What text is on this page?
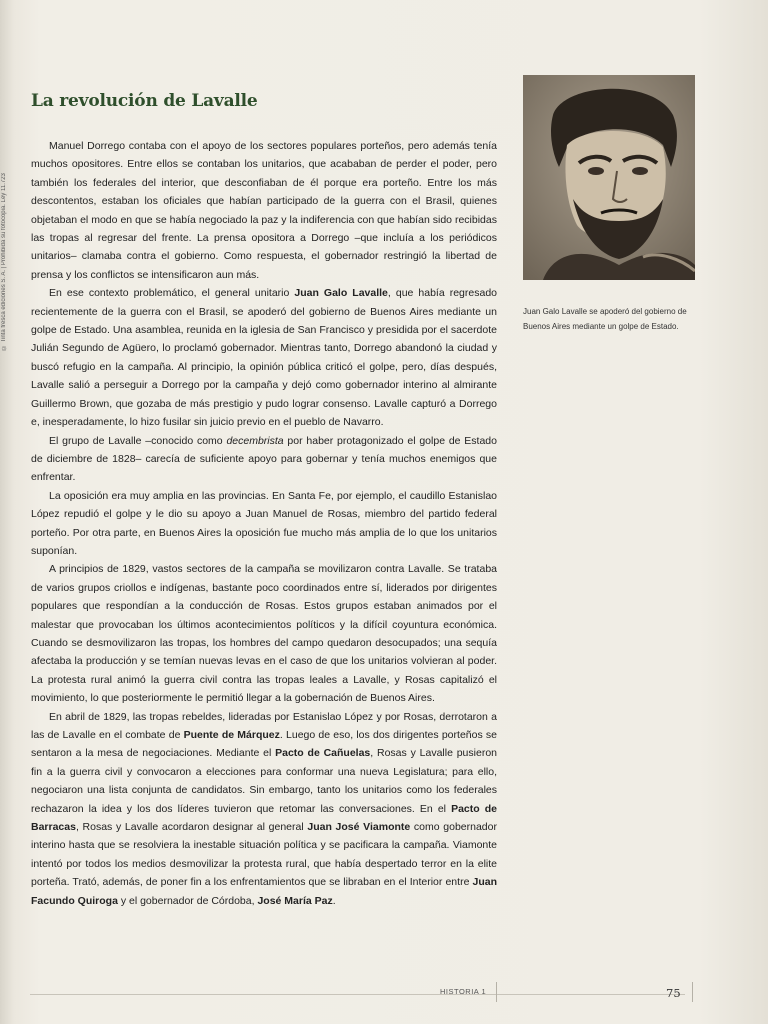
© Tinta fresca ediciones S. A. | Prohibida su fotocopia. Ley 11.723
La revolución de Lavalle

Manuel Dorrego contaba con el apoyo de los sectores populares porteños, pero además tenía muchos opositores. Entre ellos se contaban los unitarios, que acababan de perder el poder, pero también los federales del interior, que desconfiaban de él porque era porteño. Entre los más descontentos, estaban los oficiales que habían participado de la guerra con el Brasil, quienes objetaban el modo en que se había negociado la paz y la indiferencia con que habían sido recibidas las tropas al regresar del frente. La prensa opositora a Dorrego –que incluía a los periódicos unitarios– clamaba contra el gobierno. Como respuesta, el gobernador restringió la libertad de prensa y los conflictos se intensificaron aun más.

En ese contexto problemático, el general unitario Juan Galo Lavalle, que había regresado recientemente de la guerra con el Brasil, se apoderó del gobierno de Buenos Aires mediante un golpe de Estado. Una asamblea, reunida en la iglesia de San Francisco y presidida por el sacerdote Julián Segundo de Agüero, lo proclamó gobernador. Mientras tanto, Dorrego abandonó la ciudad y buscó refugio en la campaña. Al principio, la opinión pública criticó el golpe, pero, días después, Lavalle salió a perseguir a Dorrego por la campaña y dejó como gobernador interino al almirante Guillermo Brown, que gozaba de más prestigio y pudo lograr consenso. Lavalle capturó a Dorrego e, inesperadamente, lo hizo fusilar sin juicio previo en el pueblo de Navarro.

El grupo de Lavalle –conocido como decembrista por haber protagonizado el golpe de Estado de diciembre de 1828– carecía de suficiente apoyo para gobernar y tenía muchos enemigos que enfrentar.

La oposición era muy amplia en las provincias. En Santa Fe, por ejemplo, el caudillo Estanislao López repudió el golpe y le dio su apoyo a Juan Manuel de Rosas, miembro del partido federal porteño. Por otra parte, en Buenos Aires la oposición fue mucho más amplia de lo que los unitarios suponían.

A principios de 1829, vastos sectores de la campaña se movilizaron contra Lavalle. Se trataba de varios grupos criollos e indígenas, bastante poco coordinados entre sí, liderados por dirigentes populares que respondían a la conducción de Rosas. Estos grupos estaban animados por el malestar que provocaban los últimos acontecimientos políticos y la difícil coyuntura económica. Cuando se desmovilizaron las tropas, los hombres del campo quedaron desocupados; una sequía afectaba la producción y se temían nuevas levas en el caso de que los unitarios volvieran al poder. La protesta rural animó la guerra civil contra las tropas leales a Lavalle, y Rosas capitalizó el movimiento, lo que posteriormente le permitió llegar a la gobernación de Buenos Aires.

En abril de 1829, las tropas rebeldes, lideradas por Estanislao López y por Rosas, derrotaron a las de Lavalle en el combate de Puente de Márquez. Luego de eso, los dos dirigentes porteños se sentaron a la mesa de negociaciones. Mediante el Pacto de Cañuelas, Rosas y Lavalle pusieron fin a la guerra civil y convocaron a elecciones para conformar una nueva Legislatura; para ello, negociaron una lista conjunta de candidatos. Sin embargo, tanto los unitarios como los federales rechazaron la idea y los dos líderes tuvieron que retomar las conversaciones. En el Pacto de Barracas, Rosas y Lavalle acordaron designar al general Juan José Viamonte como gobernador interino hasta que se resolviera la inestable situación política y se pacificara la campaña. Viamonte intentó por todos los medios desmovilizar la protesta rural, que había despertado terror en la elite porteña. Trató, además, de poner fin a los enfrentamientos que se libraban en el Interior entre Juan Facundo Quiroga y el gobernador de Córdoba, José María Paz.

Juan Galo Lavalle se apoderó del gobierno de Buenos Aires mediante un golpe de Estado.
HISTORIA 1	75
